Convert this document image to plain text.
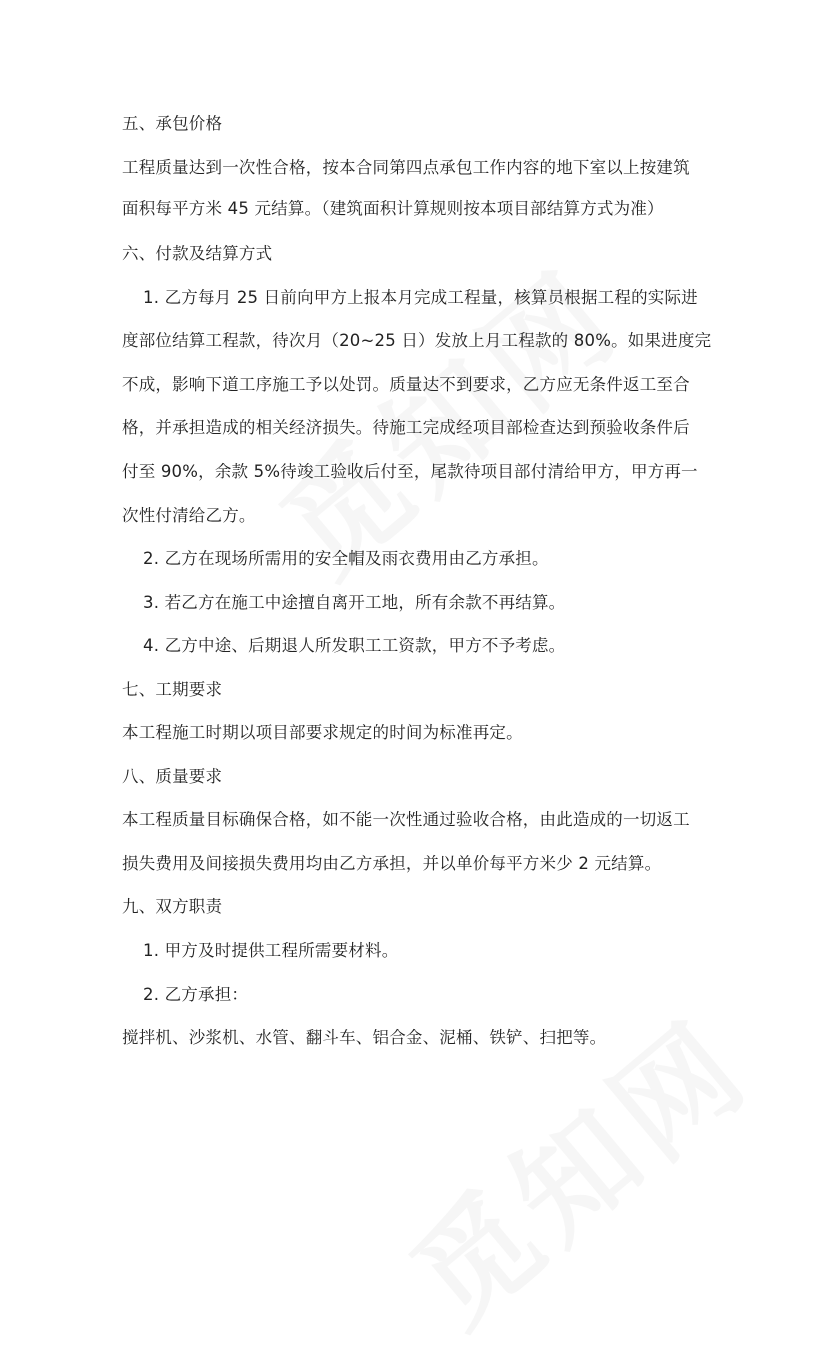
五、承包价格
工程质量达到一次性合格，按本合同第四点承包工作内容的地下室以上按建筑
面积每平方米 45 元结算。（建筑面积计算规则按本项目部结算方式为准）
六、付款及结算方式
1. 乙方每月 25 日前向甲方上报本月完成工程量，核算员根据工程的实际进
度部位结算工程款，待次月（20~25 日）发放上月工程款的 80%。如果进度完
不成，影响下道工序施工予以处罚。质量达不到要求，乙方应无条件返工至合
格，并承担造成的相关经济损失。待施工完成经项目部检查达到预验收条件后
付至 90%，余款 5%待竣工验收后付至，尾款待项目部付清给甲方，甲方再一
次性付清给乙方。
2. 乙方在现场所需用的安全帽及雨衣费用由乙方承担。
3. 若乙方在施工中途擅自离开工地，所有余款不再结算。
4. 乙方中途、后期退人所发职工工资款，甲方不予考虑。
七、工期要求
本工程施工时期以项目部要求规定的时间为标准再定。
八、质量要求
本工程质量目标确保合格，如不能一次性通过验收合格，由此造成的一切返工
损失费用及间接损失费用均由乙方承担，并以单价每平方米少 2 元结算。
九、双方职责
1. 甲方及时提供工程所需要材料。
2. 乙方承担：
搅拌机、沙浆机、水管、翻斗车、铝合金、泥桶、铁铲、扫把等。
